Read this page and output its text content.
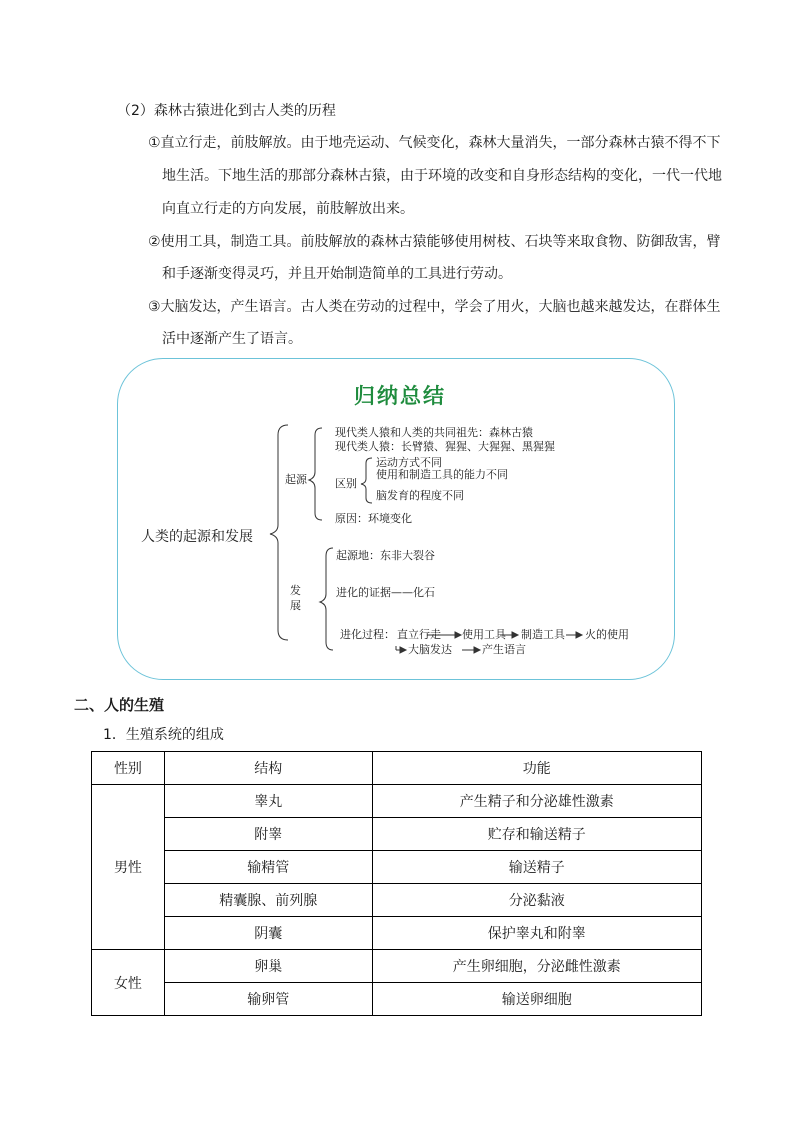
（2）森林古猿进化到古人类的历程
①直立行走，前肢解放。由于地壳运动、气候变化，森林大量消失，一部分森林古猿不得不下
地生活。下地生活的那部分森林古猿，由于环境的改变和自身形态结构的变化，一代一代地
向直立行走的方向发展，前肢解放出来。
②使用工具，制造工具。前肢解放的森林古猿能够使用树枝、石块等来取食物、防御敌害，臂
和手逐渐变得灵巧，并且开始制造简单的工具进行劳动。
③大脑发达，产生语言。古人类在劳动的过程中，学会了用火，大脑也越来越发达，在群体生
活中逐渐产生了语言。
归纳总结
人类的起源和发展
起源
现代类人猿和人类的共同祖先：森林古猿
现代类人猿：长臂猿、猩猩、大猩猩、黑猩猩
区别
运动方式不同
使用和制造工具的能力不同
脑发育的程度不同
原因：环境变化
发
展
起源地：东非大裂谷
进化的证据——化石
进化过程： 直立行走 使用工具 制造工具 火的使用
大脑发达	产生语言
二、人的生殖
1．生殖系统的组成
性别	结构	功能
男性	睾丸	产生精子和分泌雄性激素
	附睾	贮存和输送精子
	输精管	输送精子
	精囊腺、前列腺	分泌黏液
	阴囊	保护睾丸和附睾
女性	卵巢	产生卵细胞，分泌雌性激素
	输卵管	输送卵细胞
